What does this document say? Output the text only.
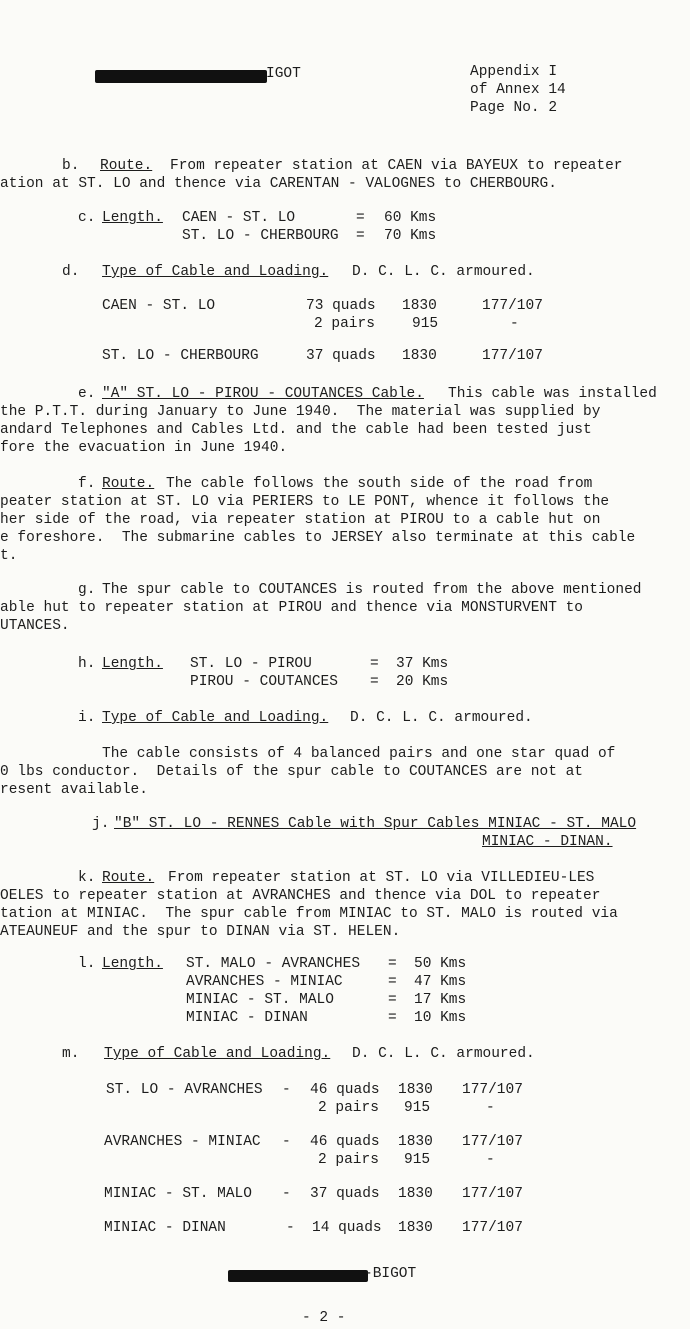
IGOT	Appendix I
of Annex 14
Page No. 2
b. Route. From repeater station at CAEN via BAYEUX to repeater
ation at ST. LO and thence via CARENTAN - VALOGNES to CHERBOURG.
c. Length. CAEN - ST. LO	= 60 Kms
ST. LO - CHERBOURG = 70 Kms
d. Type of Cable and Loading. D. C. L. C. armoured.
CAEN - ST. LO	73 quads 1830	177/107
2 pairs	915	-
ST. LO - CHERBOURG	37 quads 1830	177/107
e. "A" ST. LO - PIROU - COUTANCES Cable. This cable was installed
the P.T.T. during January to June 1940.  The material was supplied by
andard Telephones and Cables Ltd. and the cable had been tested just
fore the evacuation in June 1940.
f. Route. The cable follows the south side of the road from
peater station at ST. LO via PERIERS to LE PONT, whence it follows the
her side of the road, via repeater station at PIROU to a cable hut on
e foreshore.  The submarine cables to JERSEY also terminate at this cable
t.
g. The spur cable to COUTANCES is routed from the above mentioned
able hut to repeater station at PIROU and thence via MONSTURVENT to
UTANCES.
h. Length. ST. LO - PIROU	= 37 Kms
PIROU - COUTANCES = 20 Kms
i. Type of Cable and Loading. D. C. L. C. armoured.
The cable consists of 4 balanced pairs and one star quad of
0 lbs conductor.  Details of the spur cable to COUTANCES are not at
resent available.
j. "B" ST. LO - RENNES Cable with Spur Cables MINIAC - ST. MALO
MINIAC - DINAN.
k. Route. From repeater station at ST. LO via VILLEDIEU-LES
OELES to repeater station at AVRANCHES and thence via DOL to repeater
tation at MINIAC.  The spur cable from MINIAC to ST. MALO is routed via
ATEAUNEUF and the spur to DINAN via ST. HELEN.
l. Length. ST. MALO - AVRANCHES = 50 Kms
AVRANCHES - MINIAC	= 47 Kms
MINIAC - ST. MALO	= 17 Kms
MINIAC - DINAN	= 10 Kms
m. Type of Cable and Loading. D. C. L. C. armoured.
ST. LO - AVRANCHES - 46 quads 1830 177/107
2 pairs 915	-
AVRANCHES - MINIAC - 46 quads 1830 177/107
2 pairs 915	-
MINIAC - ST. MALO - 37 quads 1830 177/107
MINIAC - DINAN	- 14 quads 1830 177/107
-BIGOT
- 2 -
